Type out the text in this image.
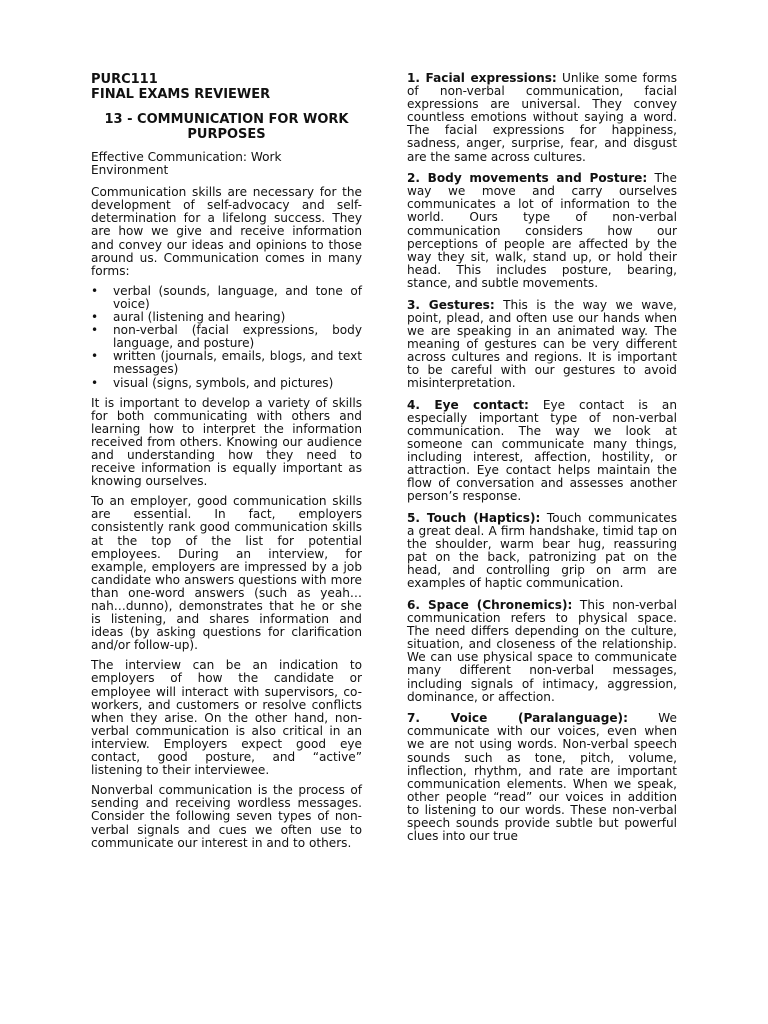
PURC111
FINAL EXAMS REVIEWER
13 - COMMUNICATION FOR WORK PURPOSES

Effective Communication: Work Environment

Communication skills are necessary for the development of self-advocacy and self-determination for a lifelong success. They are how we give and receive information and convey our ideas and opinions to those around us. Communication comes in many forms:

• verbal (sounds, language, and tone of voice)
• aural (listening and hearing)
• non-verbal (facial expressions, body language, and posture)
• written (journals, emails, blogs, and text messages)
• visual (signs, symbols, and pictures)

It is important to develop a variety of skills for both communicating with others and learning how to interpret the information received from others. Knowing our audience and understanding how they need to receive information is equally important as knowing ourselves.

To an employer, good communication skills are essential. In fact, employers consistently rank good communication skills at the top of the list for potential employees. During an interview, for example, employers are impressed by a job candidate who answers questions with more than one-word answers (such as yeah…nah…dunno), demonstrates that he or she is listening, and shares information and ideas (by asking questions for clarification and/or follow-up).

The interview can be an indication to employers of how the candidate or employee will interact with supervisors, co-workers, and customers or resolve conflicts when they arise. On the other hand, non-verbal communication is also critical in an interview. Employers expect good eye contact, good posture, and “active” listening to their interviewee.

Nonverbal communication is the process of sending and receiving wordless messages. Consider the following seven types of non-verbal signals and cues we often use to communicate our interest in and to others.

1. Facial expressions: Unlike some forms of non-verbal communication, facial expressions are universal. They convey countless emotions without saying a word. The facial expressions for happiness, sadness, anger, surprise, fear, and disgust are the same across cultures.

2. Body movements and Posture: The way we move and carry ourselves communicates a lot of information to the world. Ours type of non-verbal communication considers how our perceptions of people are affected by the way they sit, walk, stand up, or hold their head. This includes posture, bearing, stance, and subtle movements.

3. Gestures: This is the way we wave, point, plead, and often use our hands when we are speaking in an animated way. The meaning of gestures can be very different across cultures and regions. It is important to be careful with our gestures to avoid misinterpretation.

4. Eye contact: Eye contact is an especially important type of non-verbal communication. The way we look at someone can communicate many things, including interest, affection, hostility, or attraction. Eye contact helps maintain the flow of conversation and assesses another person’s response.

5. Touch (Haptics): Touch communicates a great deal. A firm handshake, timid tap on the shoulder, warm bear hug, reassuring pat on the back, patronizing pat on the head, and controlling grip on arm are examples of haptic communication.

6. Space (Chronemics): This non-verbal communication refers to physical space. The need differs depending on the culture, situation, and closeness of the relationship. We can use physical space to communicate many different non-verbal messages, including signals of intimacy, aggression, dominance, or affection.

7. Voice (Paralanguage): We communicate with our voices, even when we are not using words. Non-verbal speech sounds such as tone, pitch, volume, inflection, rhythm, and rate are important communication elements. When we speak, other people “read” our voices in addition to listening to our words. These non-verbal speech sounds provide subtle but powerful clues into our true
